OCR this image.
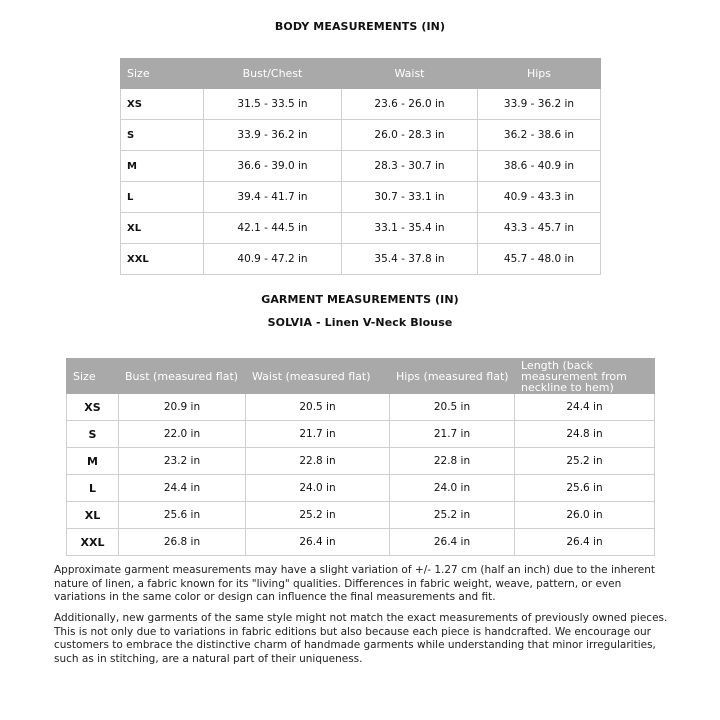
BODY MEASUREMENTS (IN)
Size	Bust/Chest	Waist	Hips
XS	31.5 - 33.5 in	23.6 - 26.0 in	33.9 - 36.2 in
S	33.9 - 36.2 in	26.0 - 28.3 in	36.2 - 38.6 in
M	36.6 - 39.0 in	28.3 - 30.7 in	38.6 - 40.9 in
L	39.4 - 41.7 in	30.7 - 33.1 in	40.9 - 43.3 in
XL	42.1 - 44.5 in	33.1 - 35.4 in	43.3 - 45.7 in
XXL	40.9 - 47.2 in	35.4 - 37.8 in	45.7 - 48.0 in
GARMENT MEASUREMENTS (IN)
SOLVIA - Linen V-Neck Blouse
Size	Bust (measured flat)	Waist (measured flat)	Hips (measured flat)	Length (back measurement from neckline to hem)
XS	20.9 in	20.5 in	20.5 in	24.4 in
S	22.0 in	21.7 in	21.7 in	24.8 in
M	23.2 in	22.8 in	22.8 in	25.2 in
L	24.4 in	24.0 in	24.0 in	25.6 in
XL	25.6 in	25.2 in	25.2 in	26.0 in
XXL	26.8 in	26.4 in	26.4 in	26.4 in

Approximate garment measurements may have a slight variation of +/- 1.27 cm (half an inch) due to the inherent nature of linen, a fabric known for its "living" qualities. Differences in fabric weight, weave, pattern, or even variations in the same color or design can influence the final measurements and fit.

Additionally, new garments of the same style might not match the exact measurements of previously owned pieces. This is not only due to variations in fabric editions but also because each piece is handcrafted. We encourage our customers to embrace the distinctive charm of handmade garments while understanding that minor irregularities, such as in stitching, are a natural part of their uniqueness.
